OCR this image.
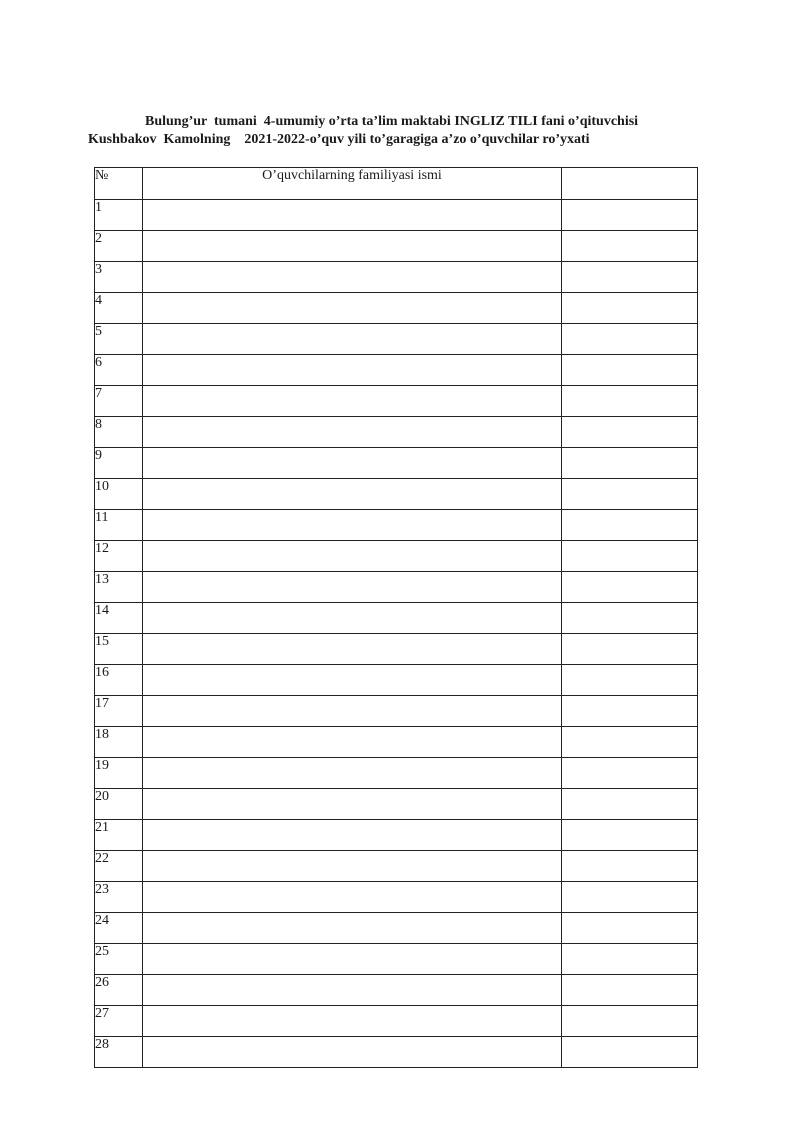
Bulung’ur  tumani  4-umumiy o’rta ta’lim maktabi INGLIZ TILI fani o’qituvchisi
Kushbakov  Kamolning    2021-2022-o’quv yili to’garagiga a’zo o’quvchilar ro’yxati
№	O’quvchilarning familiyasi ismi	
1		
2		
3		
4		
5		
6		
7		
8		
9		
10		
11		
12		
13		
14		
15		
16		
17		
18		
19		
20		
21		
22		
23		
24		
25		
26		
27		
28		
